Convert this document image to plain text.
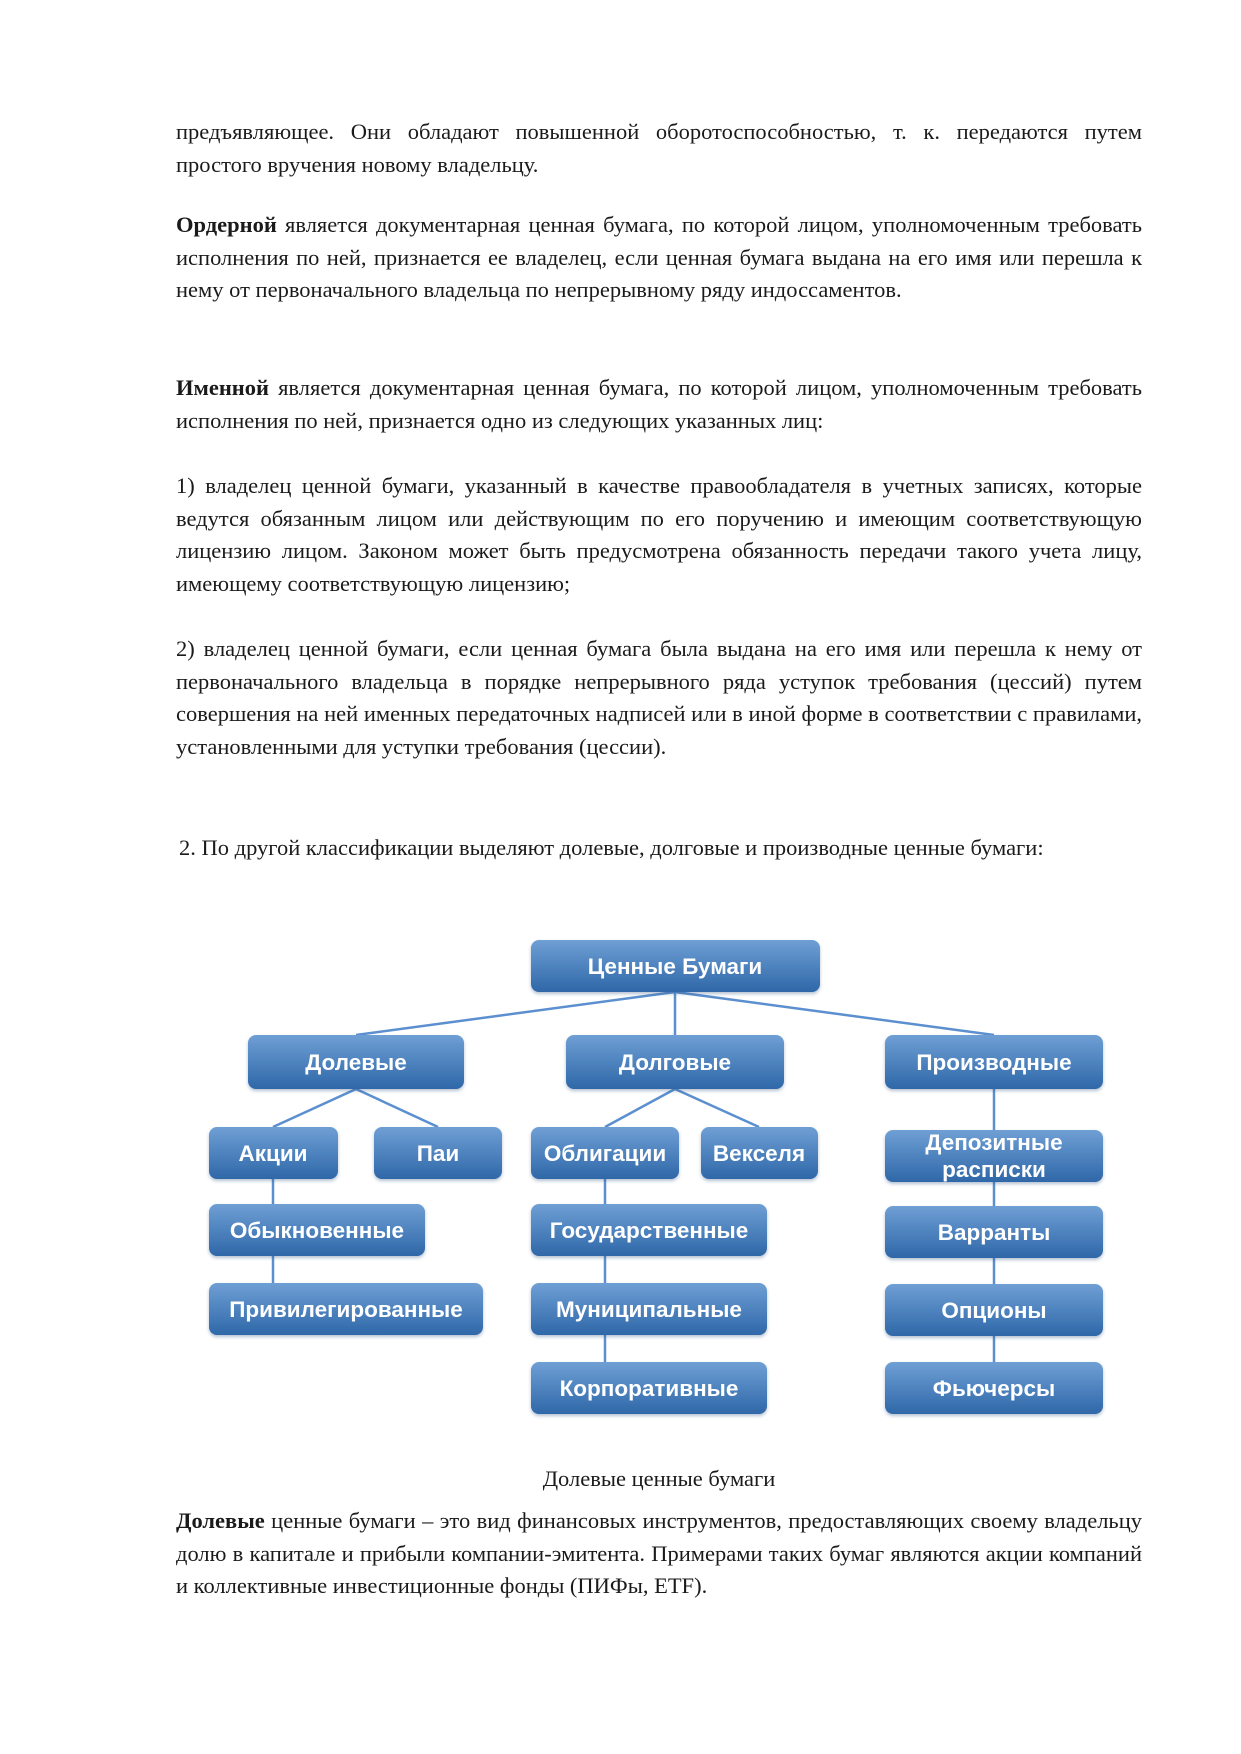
предъявляющее. Они обладают повышенной оборотоспособностью, т. к. передаются путем простого вручения новому владельцу.

Ордерной является документарная ценная бумага, по которой лицом, уполномоченным требовать исполнения по ней, признается ее владелец, если ценная бумага выдана на его имя или перешла к нему от первоначального владельца по непрерывному ряду индоссаментов.

Именной является документарная ценная бумага, по которой лицом, уполномоченным требовать исполнения по ней, признается одно из следующих указанных лиц:

1) владелец ценной бумаги, указанный в качестве правообладателя в учетных записях, которые ведутся обязанным лицом или действующим по его поручению и имеющим соответствующую лицензию лицом. Законом может быть предусмотрена обязанность передачи такого учета лицу, имеющему соответствующую лицензию;

2) владелец ценной бумаги, если ценная бумага была выдана на его имя или перешла к нему от первоначального владельца в порядке непрерывного ряда уступок требования (цессий) путем совершения на ней именных передаточных надписей или в иной форме в соответствии с правилами, установленными для уступки требования (цессии).

2. По другой классификации выделяют долевые, долговые и производные ценные бумаги:

Ценные Бумаги
Долевые	Долговые	Производные
Акции	Паи
Обыкновенные
Привилегированные
Облигации Векселя
Государственные
Муниципальные
Корпоративные
Депозитные
расписки
Варранты
Опционы
Фьючерсы

Долевые ценные бумаги

Долевые ценные бумаги – это вид финансовых инструментов, предоставляющих своему владельцу долю в капитале и прибыли компании-эмитента. Примерами таких бумаг являются акции компаний и коллективные инвестиционные фонды (ПИФы, ETF).
